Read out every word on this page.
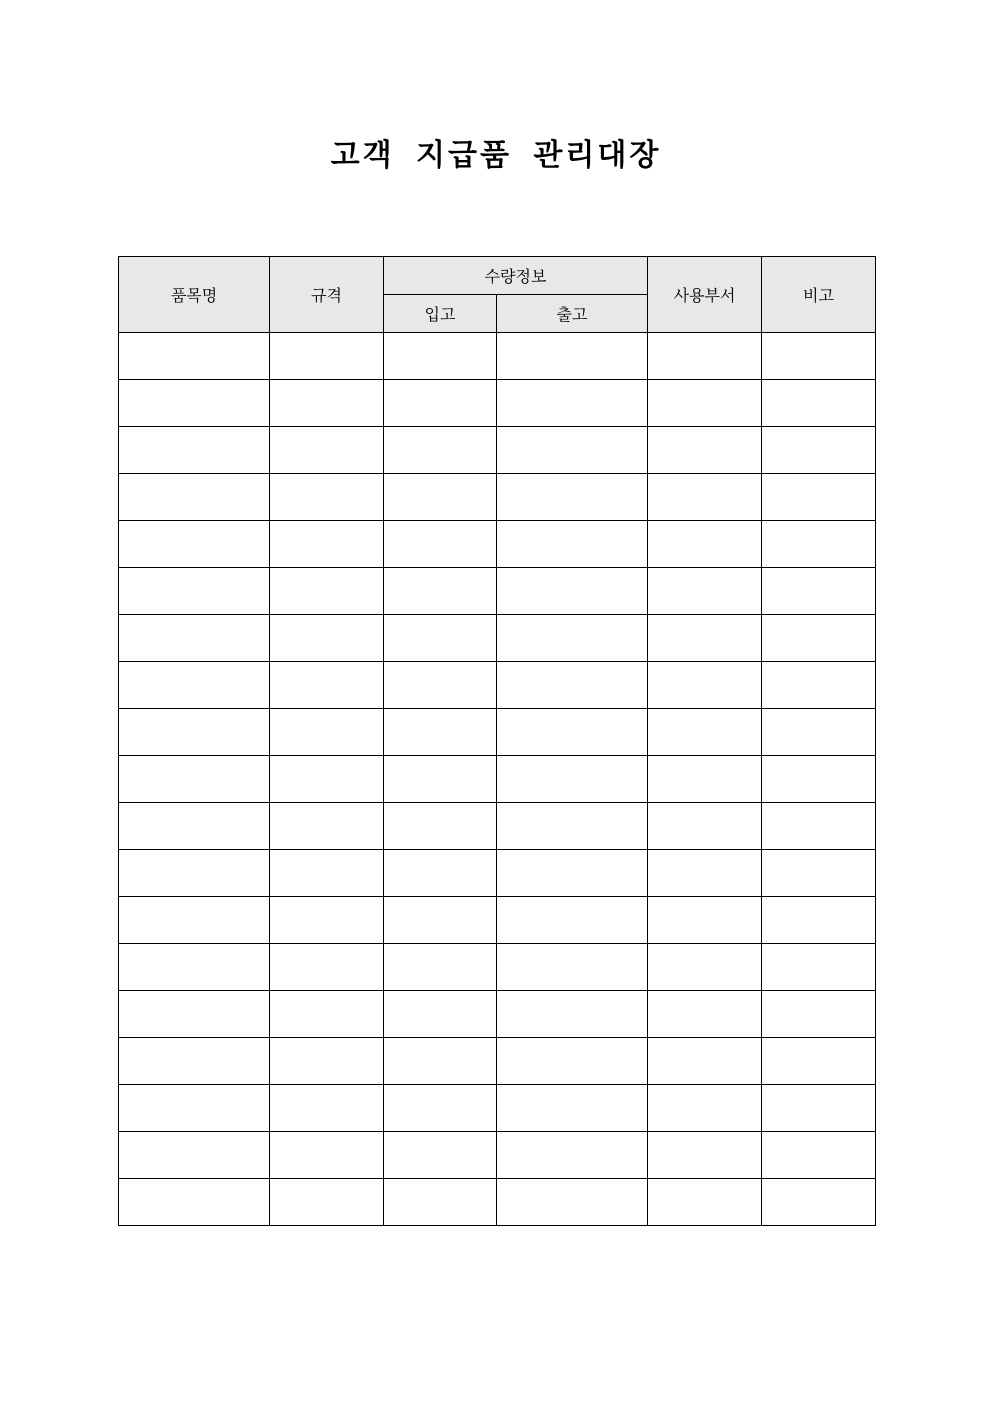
고객 지급품 관리대장
품목명	규격	수량정보		사용부서	비고
		입고	출고		
